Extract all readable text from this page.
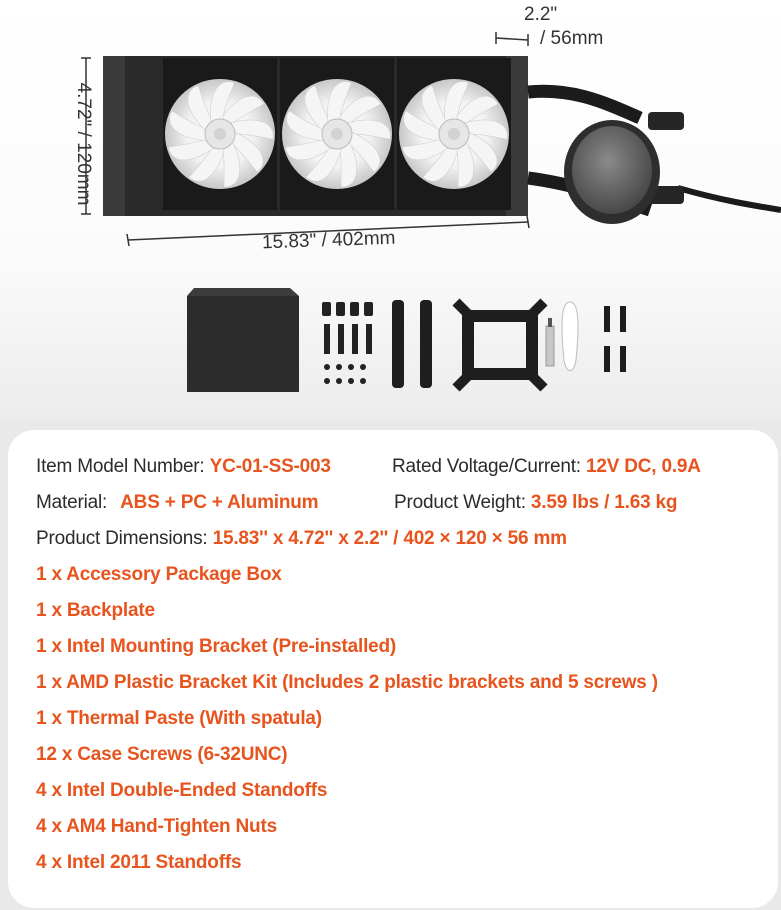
2.2"
/ 56mm
4.72" / 120mm
15.83" / 402mm
Item Model Number: YC-01-SS-003	Rated Voltage/Current: 12V DC, 0.9A
Material: ABS + PC + Aluminum	Product Weight: 3.59 lbs / 1.63 kg
Product Dimensions: 15.83'' x 4.72'' x 2.2'' / 402 × 120 × 56 mm
1 x Accessory Package Box
1 x Backplate
1 x Intel Mounting Bracket (Pre-installed)
1 x AMD Plastic Bracket Kit (Includes 2 plastic brackets and 5 screws )
1 x Thermal Paste (With spatula)
12 x Case Screws (6-32UNC)
4 x Intel Double-Ended Standoffs
4 x AM4 Hand-Tighten Nuts
4 x Intel 2011 Standoffs
